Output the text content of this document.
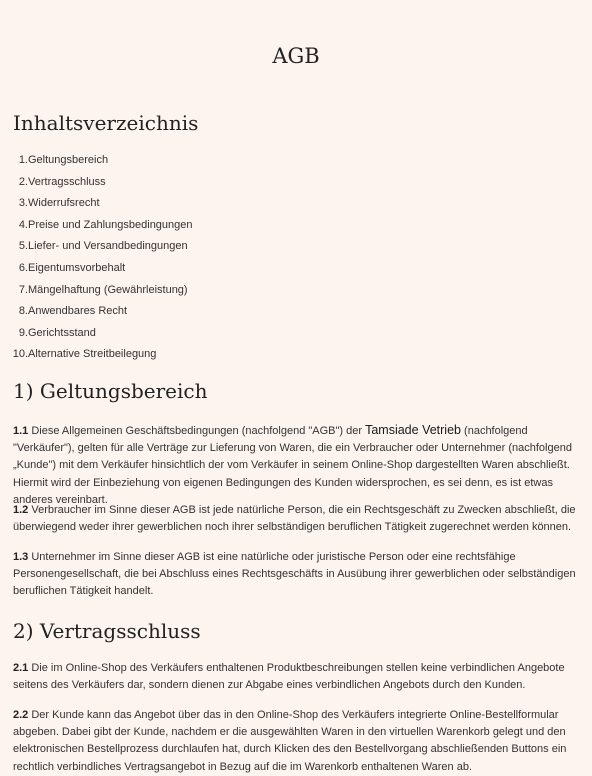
AGB
Inhaltsverzeichnis
1. Geltungsbereich
2. Vertragsschluss
3. Widerrufsrecht
4. Preise und Zahlungsbedingungen
5. Liefer- und Versandbedingungen
6. Eigentumsvorbehalt
7. Mängelhaftung (Gewährleistung)
8. Anwendbares Recht
9. Gerichtsstand
10. Alternative Streitbeilegung
1) Geltungsbereich

1.1 Diese Allgemeinen Geschäftsbedingungen (nachfolgend "AGB") der Tamsiade Vetrieb (nachfolgend "Verkäufer"), gelten für alle Verträge zur Lieferung von Waren, die ein Verbraucher oder Unternehmer (nachfolgend „Kunde") mit dem Verkäufer hinsichtlich der vom Verkäufer in seinem Online-Shop dargestellten Waren abschließt. Hiermit wird der Einbeziehung von eigenen Bedingungen des Kunden widersprochen, es sei denn, es ist etwas anderes vereinbart.

1.2 Verbraucher im Sinne dieser AGB ist jede natürliche Person, die ein Rechtsgeschäft zu Zwecken abschließt, die überwiegend weder ihrer gewerblichen noch ihrer selbständigen beruflichen Tätigkeit zugerechnet werden können.

1.3 Unternehmer im Sinne dieser AGB ist eine natürliche oder juristische Person oder eine rechtsfähige Personengesellschaft, die bei Abschluss eines Rechtsgeschäfts in Ausübung ihrer gewerblichen oder selbständigen beruflichen Tätigkeit handelt.

2) Vertragsschluss

2.1 Die im Online-Shop des Verkäufers enthaltenen Produktbeschreibungen stellen keine verbindlichen Angebote seitens des Verkäufers dar, sondern dienen zur Abgabe eines verbindlichen Angebots durch den Kunden.

2.2 Der Kunde kann das Angebot über das in den Online-Shop des Verkäufers integrierte Online-Bestellformular abgeben. Dabei gibt der Kunde, nachdem er die ausgewählten Waren in den virtuellen Warenkorb gelegt und den elektronischen Bestellprozess durchlaufen hat, durch Klicken des den Bestellvorgang abschließenden Buttons ein rechtlich verbindliches Vertragsangebot in Bezug auf die im Warenkorb enthaltenen Waren ab.
